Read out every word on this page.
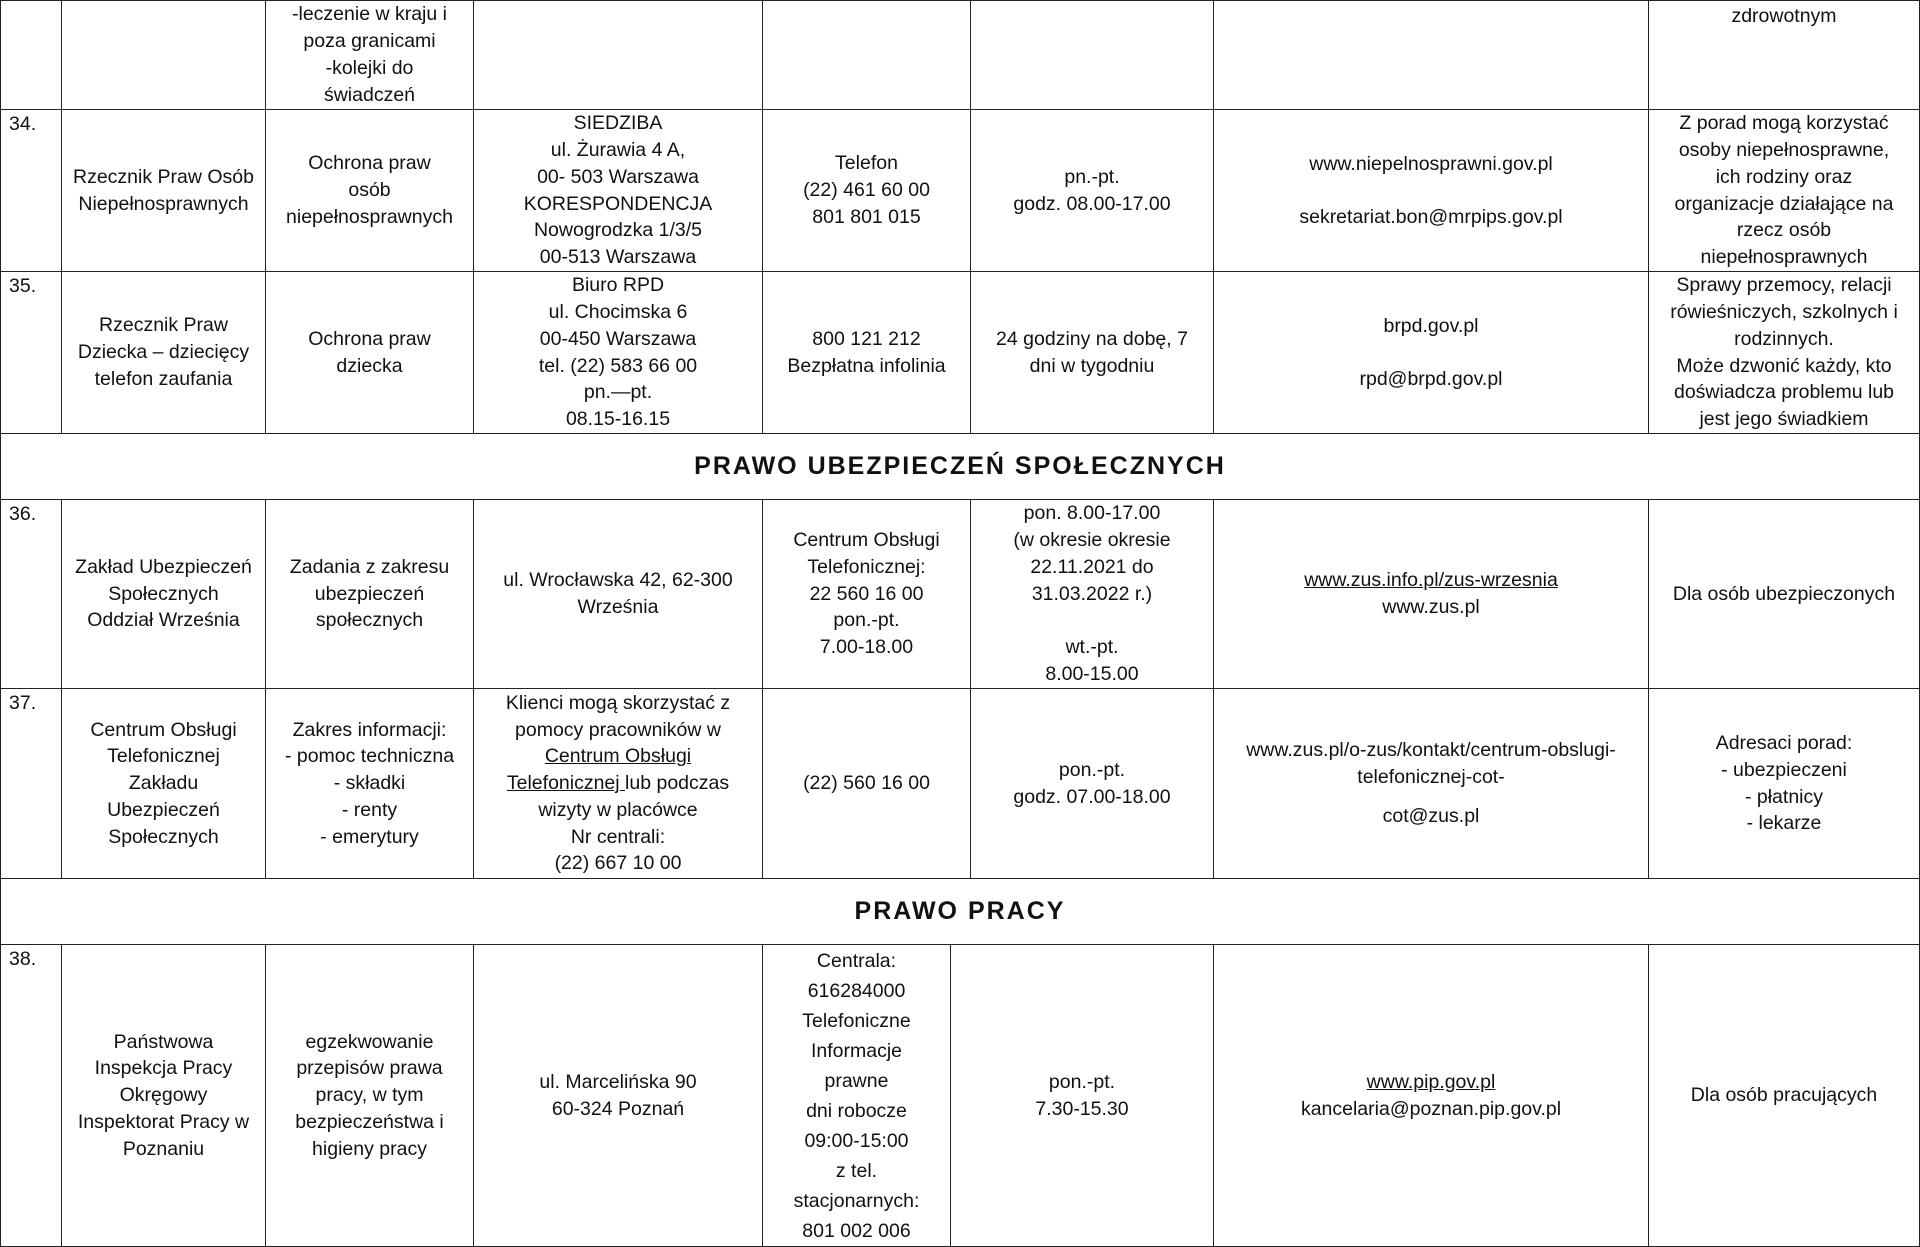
-leczenie w kraju i
poza granicami
-kolejki do
świadczeń
zdrowotnym
34.
Rzecznik Praw Osób
Niepełnosprawnych
Ochrona praw
osób
niepełnosprawnych
SIEDZIBA
ul. Żurawia 4 A,
00- 503 Warszawa
KORESPONDENCJA
Nowogrodzka 1/3/5
00-513 Warszawa
Telefon
(22) 461 60 00
801 801 015
pn.-pt.
godz. 08.00-17.00
www.niepelnosprawni.gov.pl
sekretariat.bon@mrpips.gov.pl
Z porad mogą korzystać
osoby niepełnosprawne,
ich rodziny oraz
organizacje działające na
rzecz osób
niepełnosprawnych
35.
Rzecznik Praw
Dziecka – dziecięcy
telefon zaufania
Ochrona praw
dziecka
Biuro RPD
ul. Chocimska 6
00-450 Warszawa
tel. (22) 583 66 00
pn.—pt.
08.15-16.15
800 121 212
Bezpłatna infolinia
24 godziny na dobę, 7
dni w tygodniu
brpd.gov.pl
rpd@brpd.gov.pl
Sprawy przemocy, relacji
rówieśniczych, szkolnych i
rodzinnych.
Może dzwonić każdy, kto
doświadcza problemu lub
jest jego świadkiem
PRAWO UBEZPIECZEŃ SPOŁECZNYCH
36.
Zakład Ubezpieczeń
Społecznych
Oddział Września
Zadania z zakresu
ubezpieczeń
społecznych
ul. Wrocławska 42, 62-300
Września
Centrum Obsługi
Telefonicznej:
22 560 16 00
pon.-pt.
7.00-18.00
pon. 8.00-17.00
(w okresie okresie
22.11.2021 do
31.03.2022 r.)

wt.-pt.
8.00-15.00
www.zus.info.pl/zus-wrzesnia
www.zus.pl
Dla osób ubezpieczonych
37.
Centrum Obsługi
Telefonicznej
Zakładu
Ubezpieczeń
Społecznych
Zakres informacji:
- pomoc techniczna
- składki
- renty
- emerytury
Klienci mogą skorzystać z
pomocy pracowników w
Centrum Obsługi
Telefonicznej lub podczas
wizyty w placówce
Nr centrali:
(22) 667 10 00
(22) 560 16 00
pon.-pt.
godz. 07.00-18.00
www.zus.pl/o-zus/kontakt/centrum-obslugi-
telefonicznej-cot-
cot@zus.pl
Adresaci porad:
- ubezpieczeni
- płatnicy
- lekarze
PRAWO PRACY
38.
Państwowa
Inspekcja Pracy
Okręgowy
Inspektorat Pracy w
Poznaniu
egzekwowanie
przepisów prawa
pracy, w tym
bezpieczeństwa i
higieny pracy
ul. Marcelińska 90
60-324 Poznań
Centrala:
616284000
Telefoniczne
Informacje
prawne
dni robocze
09:00-15:00
z tel.
stacjonarnych:
801 002 006
pon.-pt.
7.30-15.30
www.pip.gov.pl
kancelaria@poznan.pip.gov.pl
Dla osób pracujących
